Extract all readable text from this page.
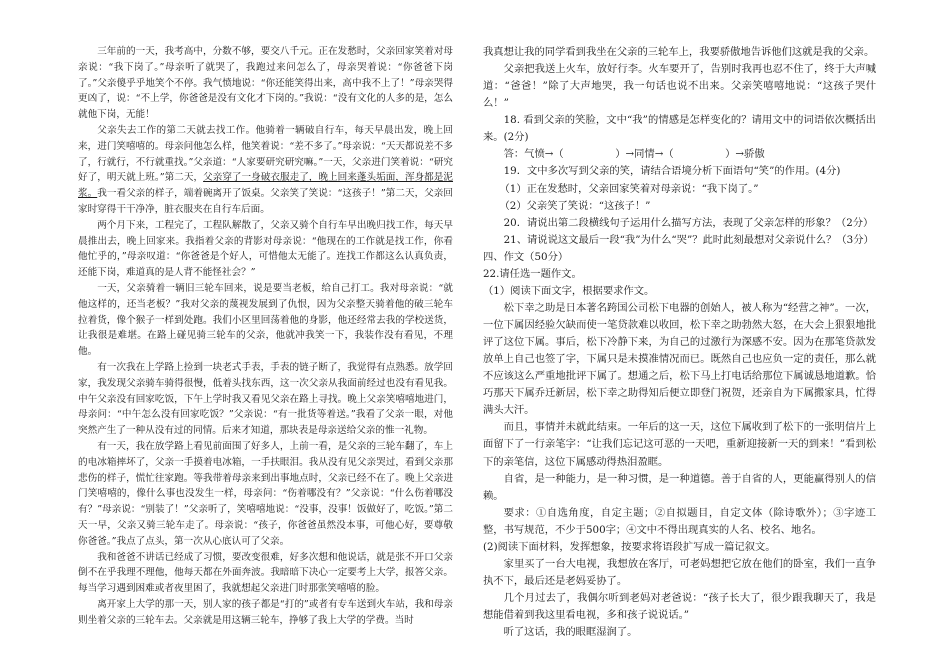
三年前的一天，我考高中，分数不够，要交八千元。正在发愁时，父亲回家笑着对母亲说：“我下岗了。”母亲听了就哭了，我跑过来问怎么了，母亲哭着说：“你爸爸下岗了。”父亲傻乎乎地笑个不停。我气愤地说：“你还能笑得出来，高中我不上了！”母亲哭得更凶了，说：“不上学，你爸爸是没有文化才下岗的。”我说：“没有文化的人多的是，怎么就他下岗，无能！

父亲失去工作的第二天就去找工作。他骑着一辆破自行车，每天早晨出发，晚上回来，进门笑嘻嘻的。母亲问他怎么样，他笑着说：“差不多了。”母亲说：“天天都说差不多了，行就行，不行就重找。”父亲道：“人家要研究研究嘛。”一天，父亲进门笑着说：“研究好了，明天就上班。”第二天，父亲穿了一身破衣服走了，晚上回来蓬头垢面，浑身都是泥浆。我一看父亲的样子，端着碗离开了饭桌。父亲笑了笑说：“这孩子！”第二天，父亲回家时穿得干干净净，脏衣服夹在自行车后面。

两个月下来，工程完了，工程队解散了，父亲又骑个自行车早出晚归找工作，每天早晨推出去，晚上回家来。我指着父亲的背影对母亲说：“他现在的工作就是找工作，你看他忙乎的，”母亲叹道：“你爸爸是个好人，可惜他太无能了。连找工作都这么认真负责，还能下岗，难道真的是人背不能怪社会？”

一天，父亲骑着一辆旧三轮车回来，说是要当老板，给自己打工。我对母亲说：“就他这样的，还当老板？”我对父亲的蔑视发展到了仇恨，因为父亲整天骑着他的破三轮车拉着货，像个猴子一样到处跑。我们小区里回荡着他的身影，他还经常去我的学校送货，让我很是难堪。在路上碰见骑三轮车的父亲，他就冲我笑一下，我装作没有看见，不理他。

有一次我在上学路上捡到一块老式手表，手表的链子断了，我觉得有点熟悉。放学回家，我发现父亲骑车骑得很慢，低着头找东西，这一次父亲从我面前经过也没有看见我。中午父亲没有回家吃饭，下午上学时我又看见父亲在路上寻找。晚上父亲笑嘻嘻地进门，母亲问：“中午怎么没有回家吃饭？”父亲说：“有一批货等着送。”我看了父亲一眼，对他突然产生了一种从没有过的同情。后来才知道，那块表是母亲送给父亲的惟一礼物。

有一天，我在放学路上看见前面围了好多人，上前一看，是父亲的三轮车翻了，车上的电冰箱摔坏了，父亲一手摸着电冰箱，一手扶眼泪。我从没有见父亲哭过，看到父亲那悲伤的样子，慌忙往家跑。等我带着母亲来到出事地点时，父亲已经不在了。晚上父亲进门笑嘻嘻的，像什么事也没发生一样，母亲问：“伤着哪没有？”父亲说：“什么伤着哪没有？”母亲说：“别装了！”父亲听了，笑嘻嘻地说：“没事，没事！饭做好了，吃饭。”第二天一早，父亲又骑三轮车走了。母亲说：“孩子，你爸爸虽然没本事，可他心好，要尊敬你爸爸。”我点了点头，第一次从心底认可了父亲。

我和爸爸不讲话已经成了习惯，要改变很难，好多次想和他说话，就是张不开口父亲倒不在乎我理不理他，他每天都在外面奔波。我暗暗下决心一定要考上大学，报答父亲。每当学习遇到困难或者夜里困了，我就想起父亲进门时那张笑嘻嘻的脸。

离开家上大学的那一天，别人家的孩子都是“打的”或者有专车送到火车站，我和母亲则坐着父亲的三轮车去。父亲就是用这辆三轮车，挣够了我上大学的学费。当时

我真想让我的同学看到我坐在父亲的三轮车上，我要骄傲地告诉他们这就是我的父亲。

父亲把我送上火车，放好行李。火车要开了，告别时我再也忍不住了，终于大声喊道：“爸爸！”除了大声地哭，我一句话也说不出来。父亲笑嘻嘻地说：“这孩子哭什么！”

18. 看到父亲的笑脸，文中“我”的情感是怎样变化的？请用文中的词语依次概括出来。(2分)

答：气愤→（　　　　　）→同情→（　　　　　）→骄傲

19．文中多次写到父亲的笑，请结合语境分析下面语句“笑”的作用。(4分)

（1）正在发愁时，父亲回家笑着对母亲说：“我下岗了。”

（2）父亲笑了笑说：“这孩子！”

20．请说出第二段横线句子运用什么描写方法，表现了父亲怎样的形象？（2分）

21、请说说这文最后一段“我”为什么“哭”？此时此刻最想对父亲说什么？（3分）

四、作文（50分）

22.请任选一题作文。

（1）阅读下面文字，根据要求作文。

松下幸之助是日本著名跨国公司松下电器的创始人，被人称为“经营之神”。一次，一位下属因经验欠缺而使一笔贷款难以收回，松下幸之助勃然大怒，在大会上狠狠地批评了这位下属。事后，松下冷静下来，为自己的过激行为深感不安。因为在那笔贷款发放单上自己也签了字，下属只是未摸准情况而已。既然自己也应负一定的责任，那么就不应该这么严重地批评下属了。想通之后，松下马上打电话给那位下属诚恳地道歉。恰巧那天下属乔迁新居，松下幸之助得知后便立即登门祝贺，还亲自为下属搬家具，忙得满头大汗。

而且，事情并未就此结束。一年后的这一天，这位下属收到了松下的一张明信片上面留下了一行亲笔字：“让我们忘记这可恶的一天吧，重新迎接新一天的到来！”看到松下的亲笔信，这位下属感动得热泪盈眶。

自省，是一种能力，是一种习惯，是一种道德。善于自省的人，更能赢得别人的信赖。

要求：①自选角度，自定主题；②自拟题目，自定文体（除诗歌外）；③字迹工整，书写规范，不少于500字；④文中不得出现真实的人名、校名、地名。

(2)阅读下面材料，发挥想象，按要求将语段扩写成一篇记叙文。

家里买了一台大电视，我想放在客厅，可老妈想把它放在他们的卧室，我们一直争执不下，最后还是老妈妥协了。

几个月过去了，我偶尔听到老妈对老爸说：“孩子长大了，很少跟我聊天了，我是想能借着到我这里看电视，多和孩子说说话。”

听了这话，我的眼眶湿润了。
